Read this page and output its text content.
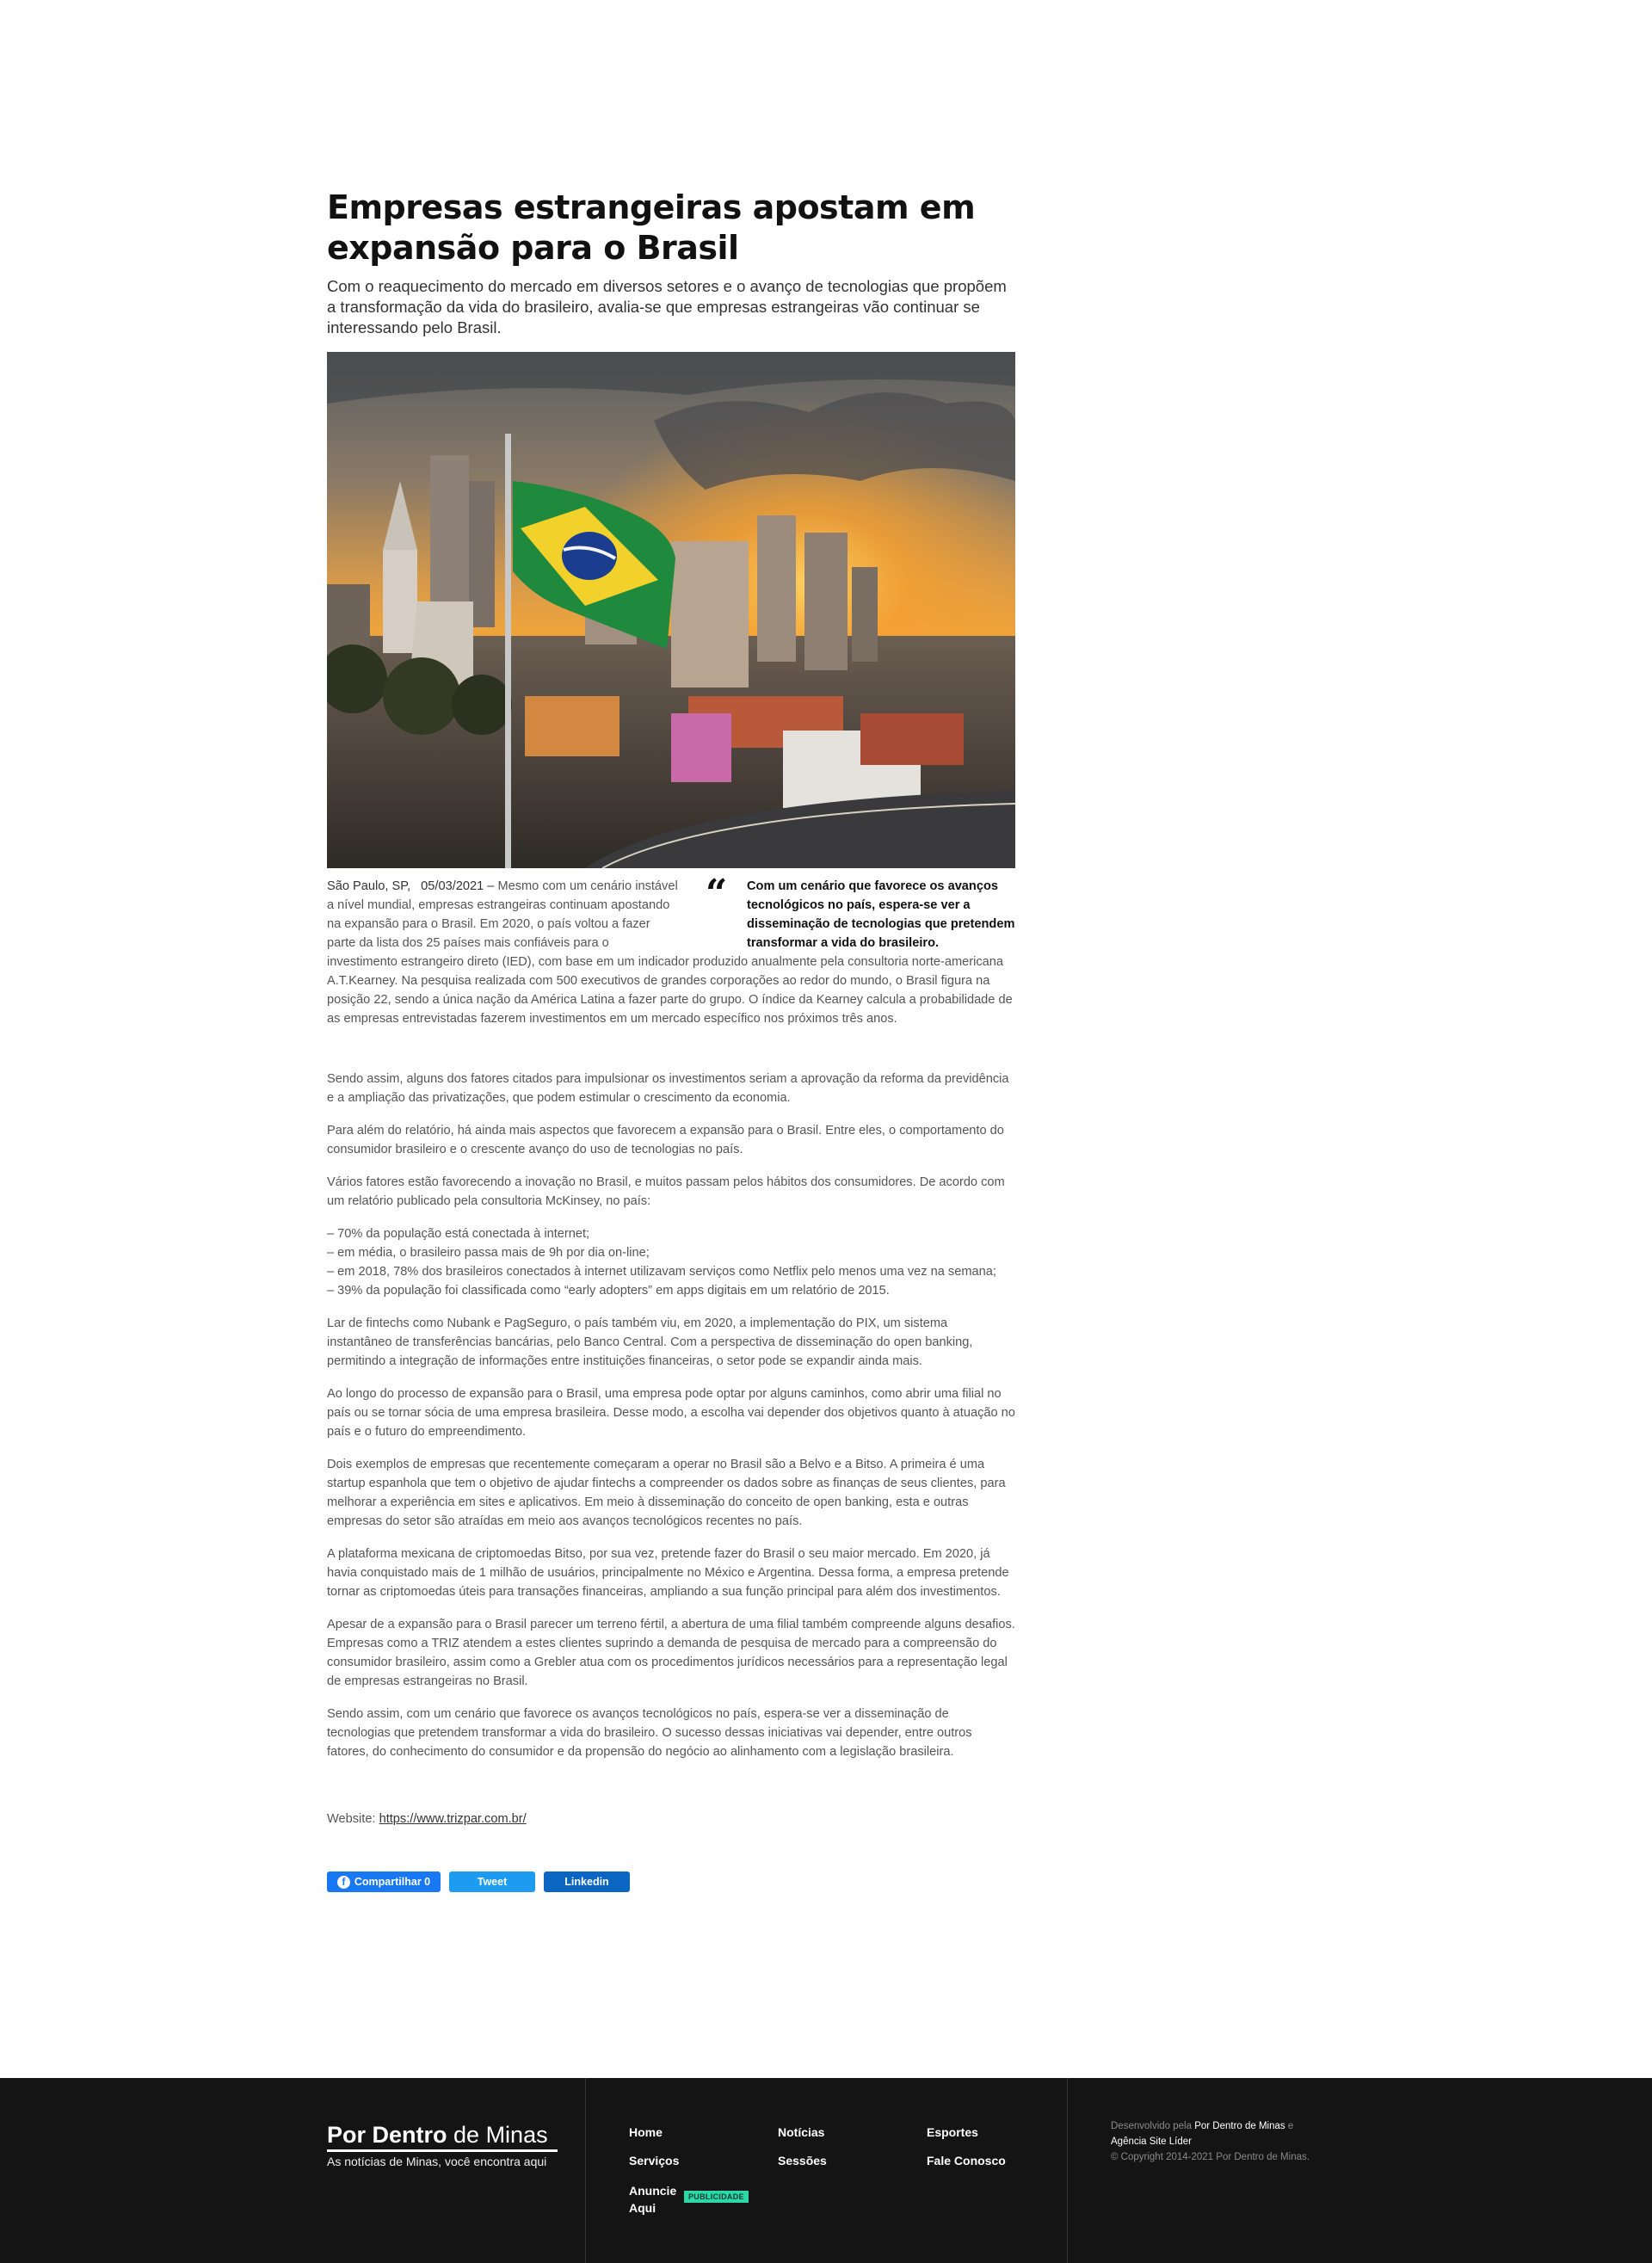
Empresas estrangeiras apostam em expansão para o Brasil

Com o reaquecimento do mercado em diversos setores e o avanço de tecnologias que propõem a transformação da vida do brasileiro, avalia-se que empresas estrangeiras vão continuar se interessando pelo Brasil.

“ Com um cenário que favorece os avanços tecnológicos no país, espera-se ver a disseminação de tecnologias que pretendem transformar a vida do brasileiro.

São Paulo, SP, 05/03/2021 – Mesmo com um cenário instável a nível mundial, empresas estrangeiras continuam apostando na expansão para o Brasil. Em 2020, o país voltou a fazer parte da lista dos 25 países mais confiáveis para o investimento estrangeiro direto (IED), com base em um indicador produzido anualmente pela consultoria norte-americana A.T.Kearney. Na pesquisa realizada com 500 executivos de grandes corporações ao redor do mundo, o Brasil figura na posição 22, sendo a única nação da América Latina a fazer parte do grupo. O índice da Kearney calcula a probabilidade de as empresas entrevistadas fazerem investimentos em um mercado específico nos próximos três anos.

Sendo assim, alguns dos fatores citados para impulsionar os investimentos seriam a aprovação da reforma da previdência e a ampliação das privatizações, que podem estimular o crescimento da economia.

Para além do relatório, há ainda mais aspectos que favorecem a expansão para o Brasil. Entre eles, o comportamento do consumidor brasileiro e o crescente avanço do uso de tecnologias no país.

Vários fatores estão favorecendo a inovação no Brasil, e muitos passam pelos hábitos dos consumidores. De acordo com um relatório publicado pela consultoria McKinsey, no país:

– 70% da população está conectada à internet;
– em média, o brasileiro passa mais de 9h por dia on-line;
– em 2018, 78% dos brasileiros conectados à internet utilizavam serviços como Netflix pelo menos uma vez na semana;
– 39% da população foi classificada como “early adopters” em apps digitais em um relatório de 2015.

Lar de fintechs como Nubank e PagSeguro, o país também viu, em 2020, a implementação do PIX, um sistema instantâneo de transferências bancárias, pelo Banco Central. Com a perspectiva de disseminação do open banking, permitindo a integração de informações entre instituições financeiras, o setor pode se expandir ainda mais.

Ao longo do processo de expansão para o Brasil, uma empresa pode optar por alguns caminhos, como abrir uma filial no país ou se tornar sócia de uma empresa brasileira. Desse modo, a escolha vai depender dos objetivos quanto à atuação no país e o futuro do empreendimento.

Dois exemplos de empresas que recentemente começaram a operar no Brasil são a Belvo e a Bitso. A primeira é uma startup espanhola que tem o objetivo de ajudar fintechs a compreender os dados sobre as finanças de seus clientes, para melhorar a experiência em sites e aplicativos. Em meio à disseminação do conceito de open banking, esta e outras empresas do setor são atraídas em meio aos avanços tecnológicos recentes no país.

A plataforma mexicana de criptomoedas Bitso, por sua vez, pretende fazer do Brasil o seu maior mercado. Em 2020, já havia conquistado mais de 1 milhão de usuários, principalmente no México e Argentina. Dessa forma, a empresa pretende tornar as criptomoedas úteis para transações financeiras, ampliando a sua função principal para além dos investimentos.

Apesar de a expansão para o Brasil parecer um terreno fértil, a abertura de uma filial também compreende alguns desafios. Empresas como a TRIZ atendem a estes clientes suprindo a demanda de pesquisa de mercado para a compreensão do consumidor brasileiro, assim como a Grebler atua com os procedimentos jurídicos necessários para a representação legal de empresas estrangeiras no Brasil.

Sendo assim, com um cenário que favorece os avanços tecnológicos no país, espera-se ver a disseminação de tecnologias que pretendem transformar a vida do brasileiro. O sucesso dessas iniciativas vai depender, entre outros fatores, do conhecimento do consumidor e da propensão do negócio ao alinhamento com a legislação brasileira.

Website: https://www.trizpar.com.br/

f Compartilhar 0	Tweet	Linkedin
Por Dentro de Minas
As notícias de Minas, você encontra aqui
Home	Notícias	Esportes
Serviços	Sessões	Fale Conosco
Anuncie
Aqui
Desenvolvido pela Por Dentro de Minas e
Agência Site Líder
© Copyright 2014-2021 Por Dentro de Minas.
PUBLICIDADE
